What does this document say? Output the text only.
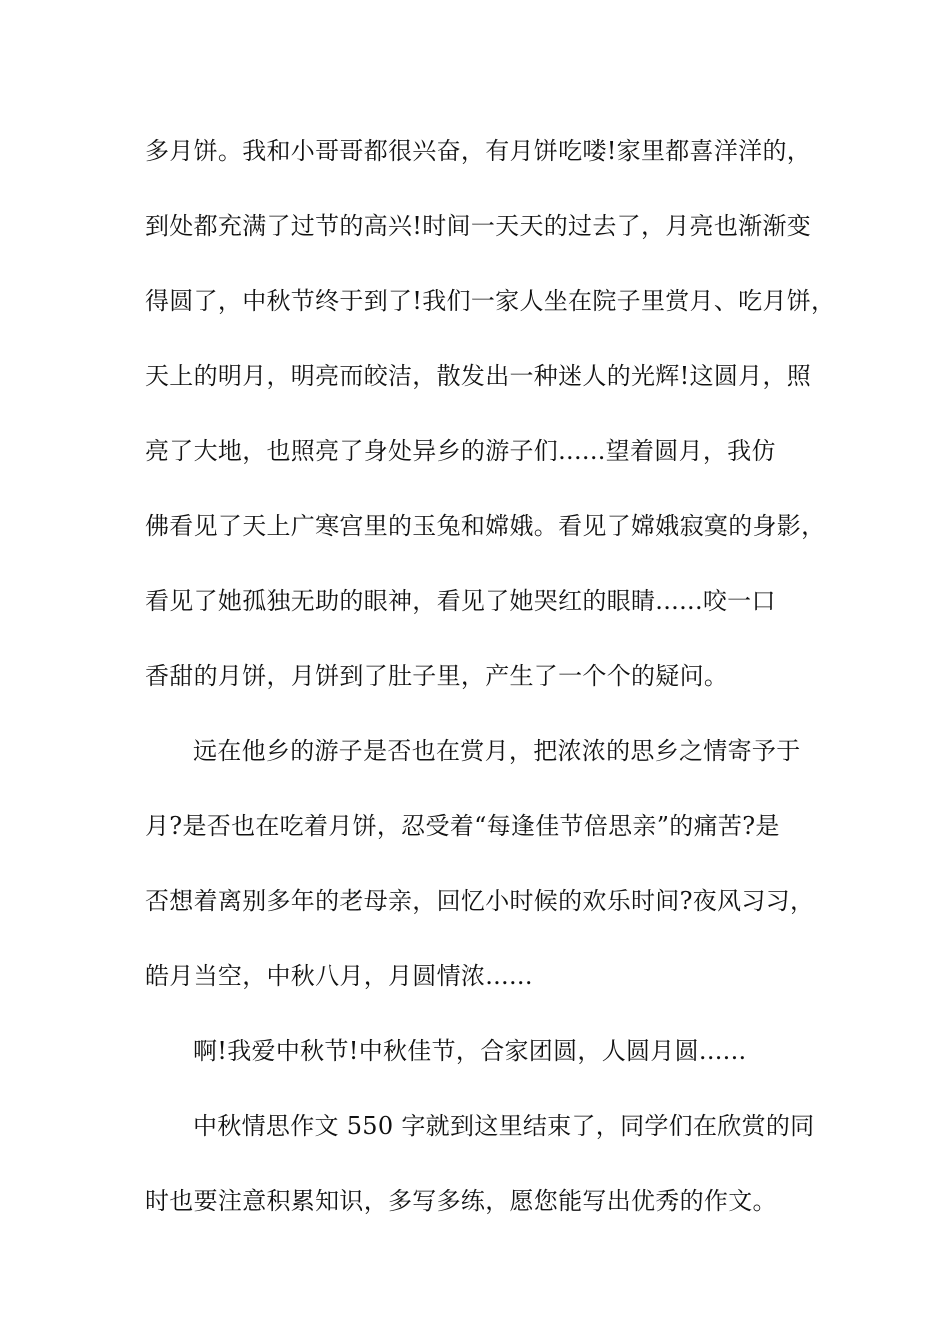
多月饼。我和小哥哥都很兴奋，有月饼吃喽!家里都喜洋洋的，
到处都充满了过节的高兴!时间一天天的过去了，月亮也渐渐变
得圆了，中秋节终于到了!我们一家人坐在院子里赏月、吃月饼，
天上的明月，明亮而皎洁，散发出一种迷人的光辉!这圆月，照
亮了大地，也照亮了身处异乡的游子们......望着圆月，我仿
佛看见了天上广寒宫里的玉兔和嫦娥。看见了嫦娥寂寞的身影，
看见了她孤独无助的眼神，看见了她哭红的眼睛......咬一口
香甜的月饼，月饼到了肚子里，产生了一个个的疑问。
远在他乡的游子是否也在赏月，把浓浓的思乡之情寄予于
月?是否也在吃着月饼，忍受着“每逢佳节倍思亲”的痛苦?是
否想着离别多年的老母亲，回忆小时候的欢乐时间?夜风习习，
皓月当空，中秋八月，月圆情浓......
啊!我爱中秋节!中秋佳节，合家团圆，人圆月圆......
中秋情思作文 550 字就到这里结束了，同学们在欣赏的同
时也要注意积累知识，多写多练，愿您能写出优秀的作文。
